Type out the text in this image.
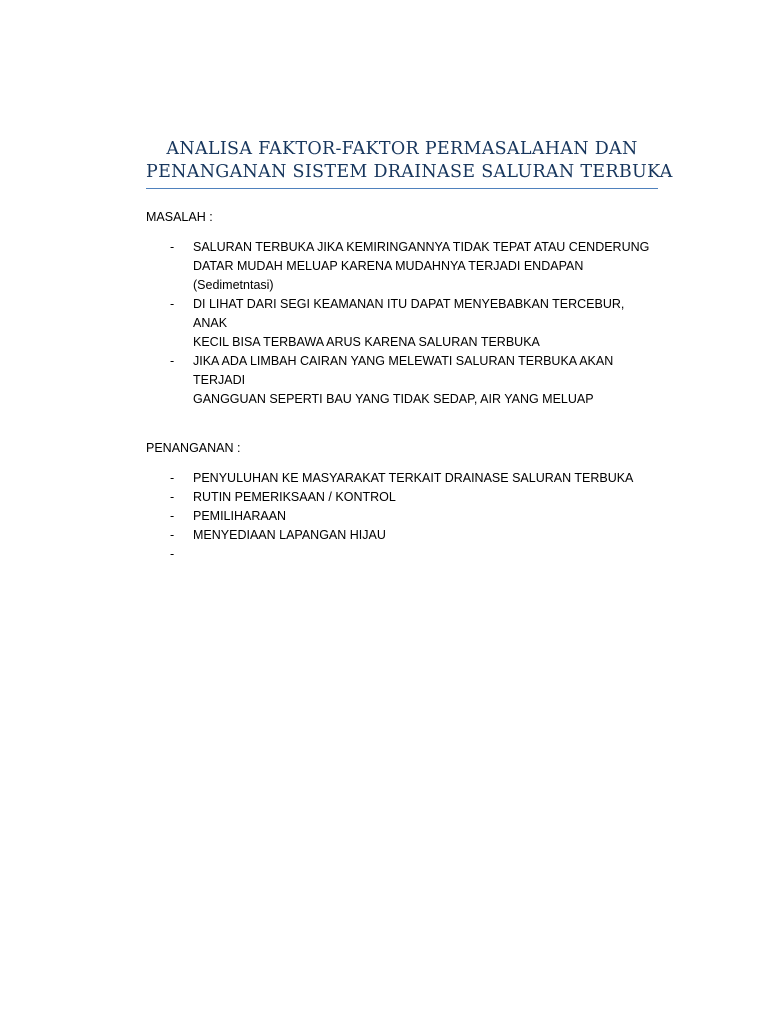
ANALISA FAKTOR-FAKTOR PERMASALAHAN DAN
PENANGANAN SISTEM DRAINASE SALURAN TERBUKA

MASALAH :

- SALURAN TERBUKA JIKA KEMIRINGANNYA TIDAK TEPAT ATAU CENDERUNG
DATAR MUDAH MELUAP KARENA MUDAHNYA TERJADI ENDAPAN
(Sedimetntasi)
- DI LIHAT DARI SEGI KEAMANAN ITU DAPAT MENYEBABKAN TERCEBUR, ANAK
KECIL BISA TERBAWA ARUS KARENA SALURAN TERBUKA
- JIKA ADA LIMBAH CAIRAN YANG MELEWATI SALURAN TERBUKA AKAN TERJADI
GANGGUAN SEPERTI BAU YANG TIDAK SEDAP, AIR YANG MELUAP

PENANGANAN :

- PENYULUHAN KE MASYARAKAT TERKAIT DRAINASE SALURAN TERBUKA
- RUTIN PEMERIKSAAN / KONTROL
- PEMILIHARAAN
- MENYEDIAAN LAPANGAN HIJAU
-
